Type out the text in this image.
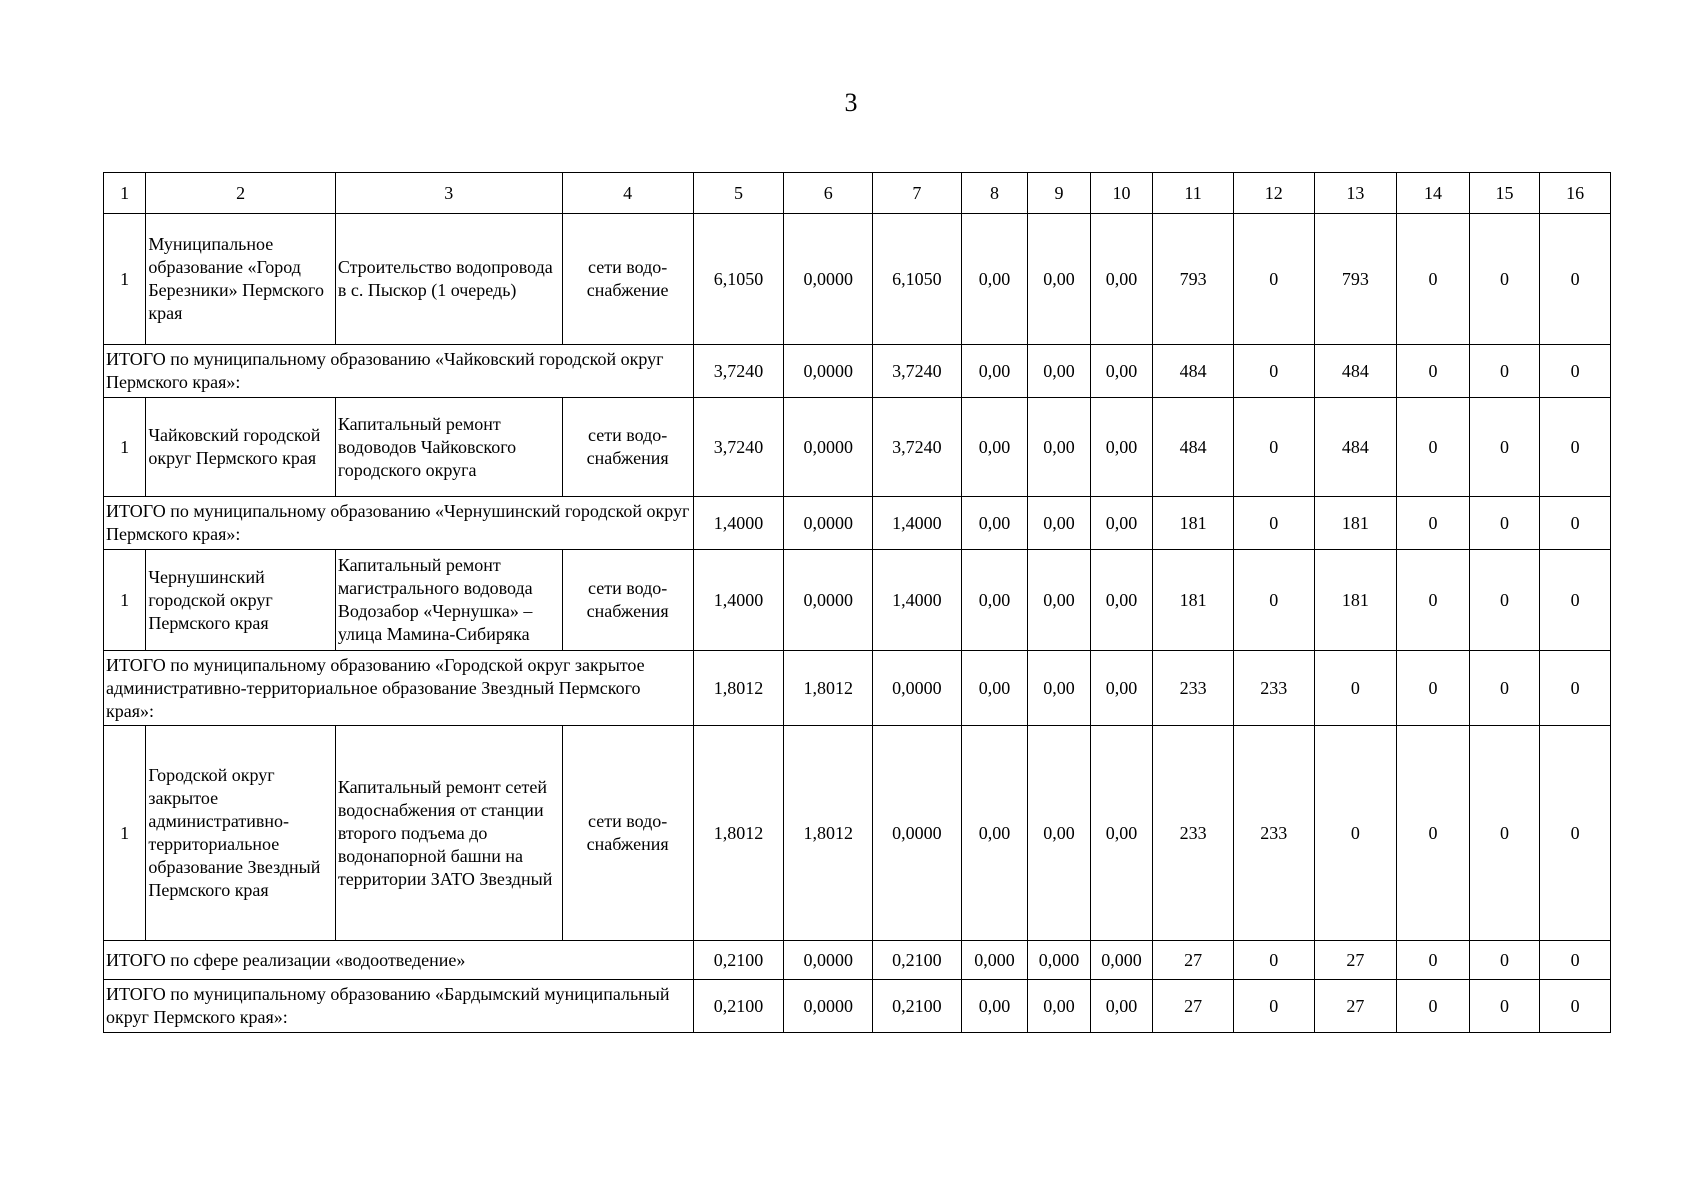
3
1	2	3	4	5	6	7	8	9	10	11	12	13	14	15	16
1	Муниципальное образование «Город Березники» Пермского края	Строительство водопровода в с. Пыскор (1 очередь)	сети водо-снабжение	6,1050	0,0000	6,1050	0,00	0,00	0,00	793	0	793	0	0	0
ИТОГО по муниципальному образованию «Чайковский городской округ Пермского края»:				3,7240	0,0000	3,7240	0,00	0,00	0,00	484	0	484	0	0	0
1	Чайковский городской округ Пермского края	Капитальный ремонт водоводов Чайковского городского округа	сети водо-снабжения	3,7240	0,0000	3,7240	0,00	0,00	0,00	484	0	484	0	0	0
ИТОГО по муниципальному образованию «Чернушинский городской округ Пермского края»:				1,4000	0,0000	1,4000	0,00	0,00	0,00	181	0	181	0	0	0
1	Чернушинский городской округ Пермского края	Капитальный ремонт магистрального водовода Водозабор «Чернушка» – улица Мамина-Сибиряка	сети водо-снабжения	1,4000	0,0000	1,4000	0,00	0,00	0,00	181	0	181	0	0	0
ИТОГО по муниципальному образованию «Городской округ закрытое административно-территориальное образование Звездный Пермского края»:				1,8012	1,8012	0,0000	0,00	0,00	0,00	233	233	0	0	0	0
1	Городской округ закрытое административно-территориальное образование Звездный Пермского края	Капитальный ремонт сетей водоснабжения от станции второго подъема до водонапорной башни на территории ЗАТО Звездный	сети водо-снабжения	1,8012	1,8012	0,0000	0,00	0,00	0,00	233	233	0	0	0	0
ИТОГО по сфере реализации «водоотведение»				0,2100	0,0000	0,2100	0,000	0,000	0,000	27	0	27	0	0	0
ИТОГО по муниципальному образованию «Бардымский муниципальный округ Пермского края»:				0,2100	0,0000	0,2100	0,00	0,00	0,00	27	0	27	0	0	0
